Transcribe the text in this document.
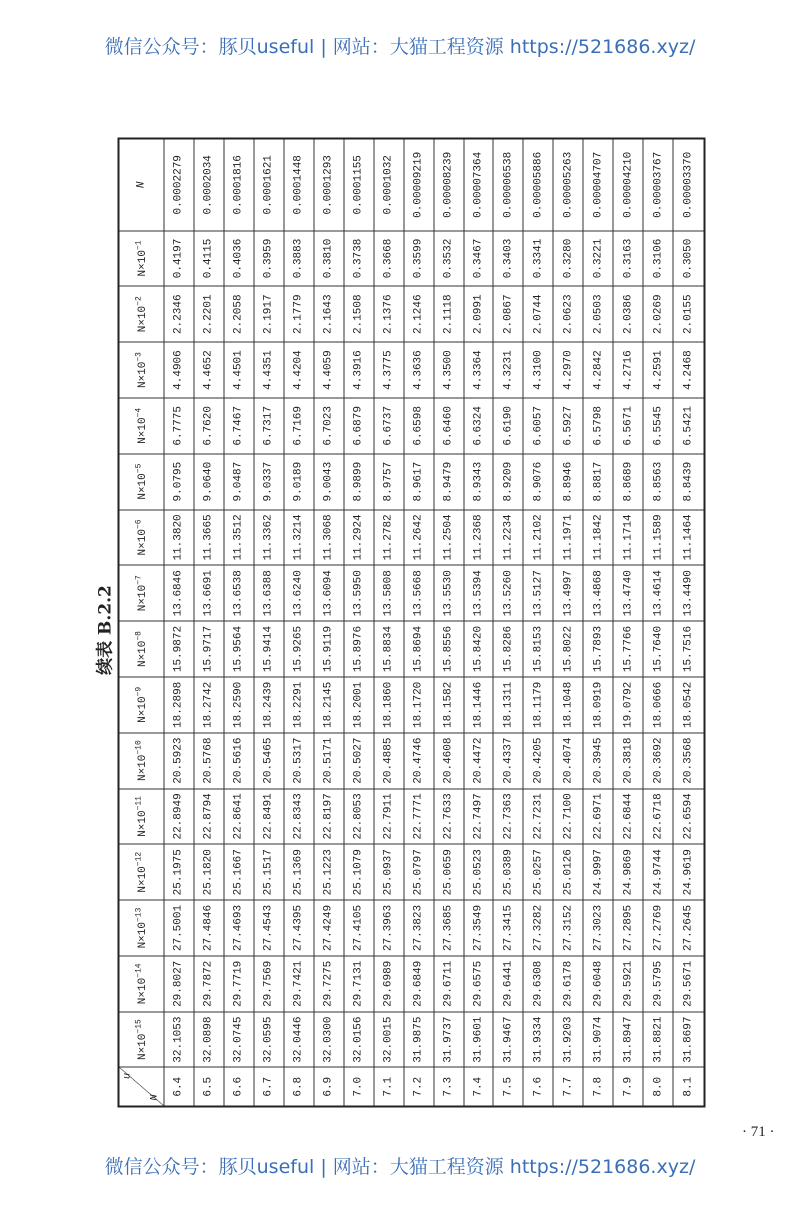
微信公众号：豚贝useful | 网站：大猫工程资源 https://521686.xyz/
续表 B.2.2
u
N	$N\times 10^{-15}$	$N\times 10^{-14}$	$N\times 10^{-13}$	$N\times 10^{-12}$	$N\times 10^{-11}$	$N\times 10^{-10}$	$N\times 10^{-9}$	$N\times 10^{-8}$	$N\times 10^{-7}$	$N\times 10^{-6}$	$N\times 10^{-5}$	$N\times 10^{-4}$	$N\times 10^{-3}$	$N\times 10^{-2}$	$N\times 10^{-1}$	N
6.4	32.1053	29.8027	27.5001	25.1975	22.8949	20.5923	18.2898	15.9872	13.6846	11.3820	9.0795	6.7775	4.4906	2.2346	0.4197	0.0002279
6.5	32.0898	29.7872	27.4846	25.1820	22.8794	20.5768	18.2742	15.9717	13.6691	11.3665	9.0640	6.7620	4.4652	2.2201	0.4115	0.0002034
6.6	32.0745	29.7719	27.4693	25.1667	22.8641	20.5616	18.2590	15.9564	13.6538	11.3512	9.0487	6.7467	4.4501	2.2058	0.4036	0.0001816
6.7	32.0595	29.7569	27.4543	25.1517	22.8491	20.5465	18.2439	15.9414	13.6388	11.3362	9.0337	6.7317	4.4351	2.1917	0.3959	0.0001621
6.8	32.0446	29.7421	27.4395	25.1369	22.8343	20.5317	18.2291	15.9265	13.6240	11.3214	9.0189	6.7169	4.4204	2.1779	0.3883	0.0001448
6.9	32.0300	29.7275	27.4249	25.1223	22.8197	20.5171	18.2145	15.9119	13.6094	11.3068	9.0043	6.7023	4.4059	2.1643	0.3810	0.0001293
7.0	32.0156	29.7131	27.4105	25.1079	22.8053	20.5027	18.2001	15.8976	13.5950	11.2924	8.9899	6.6879	4.3916	2.1508	0.3738	0.0001155
7.1	32.0015	29.6989	27.3963	25.0937	22.7911	20.4885	18.1860	15.8834	13.5808	11.2782	8.9757	6.6737	4.3775	2.1376	0.3668	0.0001032
7.2	31.9875	29.6849	27.3823	25.0797	22.7771	20.4746	18.1720	15.8694	13.5668	11.2642	8.9617	6.6598	4.3636	2.1246	0.3599	0.00009219
7.3	31.9737	29.6711	27.3685	25.0659	22.7633	20.4608	18.1582	15.8556	13.5530	11.2504	8.9479	6.6460	4.3500	2.1118	0.3532	0.00008239
7.4	31.9601	29.6575	27.3549	25.0523	22.7497	20.4472	18.1446	15.8420	13.5394	11.2368	8.9343	6.6324	4.3364	2.0991	0.3467	0.00007364
7.5	31.9467	29.6441	27.3415	25.0389	22.7363	20.4337	18.1311	15.8286	13.5260	11.2234	8.9209	6.6190	4.3231	2.0867	0.3403	0.00006538
7.6	31.9334	29.6308	27.3282	25.0257	22.7231	20.4205	18.1179	15.8153	13.5127	11.2102	8.9076	6.6057	4.3100	2.0744	0.3341	0.00005886
7.7	31.9203	29.6178	27.3152	25.0126	22.7100	20.4074	18.1048	15.8022	13.4997	11.1971	8.8946	6.5927	4.2970	2.0623	0.3280	0.00005263
7.8	31.9074	29.6048	27.3023	24.9997	22.6971	20.3945	18.0919	15.7893	13.4868	11.1842	8.8817	6.5798	4.2842	2.0503	0.3221	0.00004707
7.9	31.8947	29.5921	27.2895	24.9869	22.6844	20.3818	19.0792	15.7766	13.4740	11.1714	8.8689	6.5671	4.2716	2.0386	0.3163	0.00004210
8.0	31.8821	29.5795	27.2769	24.9744	22.6718	20.3692	18.0666	15.7640	13.4614	11.1589	8.8563	6.5545	4.2591	2.0269	0.3106	0.00003767
8.1	31.8697	29.5671	27.2645	24.9619	22.6594	20.3568	18.0542	15.7516	13.4490	11.1464	8.8439	6.5421	4.2468	2.0155	0.3050	0.00003370
· 71 ·
微信公众号：豚贝useful | 网站：大猫工程资源 https://521686.xyz/
